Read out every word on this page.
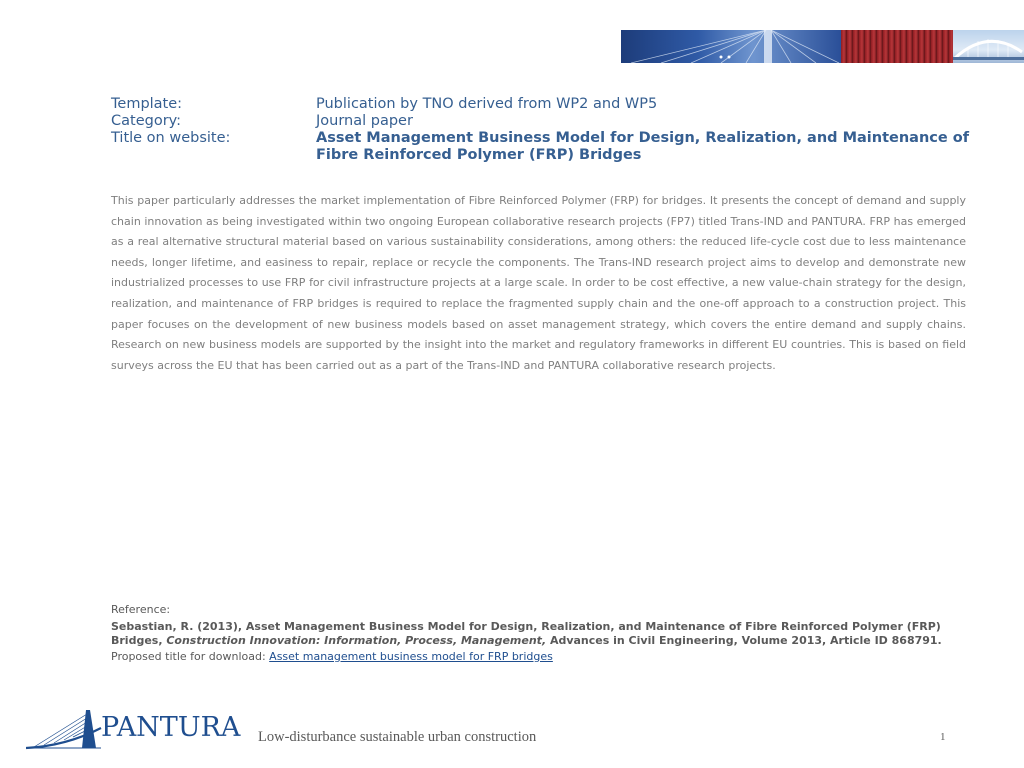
Template:	Publication by TNO derived from WP2 and WP5
Category:	Journal paper
Title on website:	Asset Management Business Model for Design, Realization, and Maintenance of Fibre Reinforced Polymer (FRP) Bridges

This paper particularly addresses the market implementation of Fibre Reinforced Polymer (FRP) for bridges. It presents the concept of demand and supply chain innovation as being investigated within two ongoing European collaborative research projects (FP7) titled Trans-IND and PANTURA. FRP has emerged as a real alternative structural material based on various sustainability considerations, among others: the reduced life-cycle cost due to less maintenance needs, longer lifetime, and easiness to repair, replace or recycle the components. The Trans-IND research project aims to develop and demonstrate new industrialized processes to use FRP for civil infrastructure projects at a large scale. In order to be cost effective, a new value-chain strategy for the design, realization, and maintenance of FRP bridges is required to replace the fragmented supply chain and the one-off approach to a construction project. This paper focuses on the development of new business models based on asset management strategy, which covers the entire demand and supply chains. Research on new business models are supported by the insight into the market and regulatory frameworks in different EU countries. This is based on field surveys across the EU that has been carried out as a part of the Trans-IND and PANTURA collaborative research projects.

Reference:
Sebastian, R. (2013), Asset Management Business Model for Design, Realization, and Maintenance of Fibre Reinforced Polymer (FRP) Bridges, Construction Innovation: Information, Process, Management, Advances in Civil Engineering, Volume 2013, Article ID 868791.
Proposed title for download: Asset management business model for FRP bridges
PANTURA Low-disturbance sustainable urban construction	1
